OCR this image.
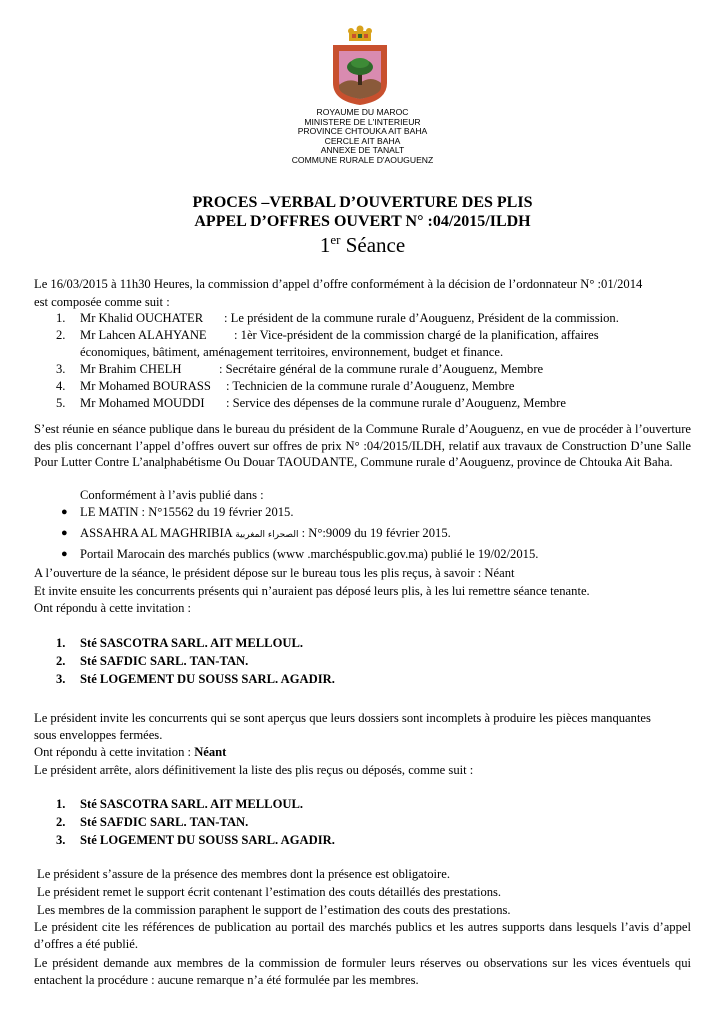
ROYAUME DU MAROC
MINISTERE DE L'INTERIEUR
PROVINCE CHTOUKA AIT BAHA
CERCLE AIT BAHA
ANNEXE DE TANALT
COMMUNE RURALE D'AOUGUENZ
PROCES –VERBAL D’OUVERTURE DES PLIS
APPEL D’OFFRES OUVERT N° :04/2015/ILDH
1er Séance
Le 16/03/2015 à 11h30 Heures, la commission d’appel d’offre conformément à la décision de l’ordonnateur N° :01/2014
est composée comme suit :
1. Mr Khalid OUCHATER : Le président de la commune rurale d’Aouguenz, Président de la commission.
2. Mr Lahcen ALAHYANE : 1èr Vice-président de la commission chargé de la planification, affaires
économiques, bâtiment, aménagement territoires, environnement, budget et finance.
3. Mr Brahim CHELH	: Secrétaire général de la commune rurale d’Aouguenz, Membre
4. Mr Mohamed BOURASS : Technicien de la commune rurale d’Aouguenz, Membre
5. Mr Mohamed MOUDDI : Service des dépenses de la commune rurale d’Aouguenz, Membre
S’est réunie en séance publique dans le bureau du président de la Commune Rurale d’Aouguenz, en vue de procéder à l’ouverture des plis concernant l’appel d’offres ouvert sur offres de prix N° :04/2015/ILDH, relatif aux travaux de Construction D’une Salle Pour Lutter Contre L’analphabétisme Ou Douar TAOUDANTE, Commune rurale d’Aouguenz, province de Chtouka Ait Baha.
Conformément à l’avis publié dans :
● LE MATIN : N°15562 du 19 février 2015.
● ASSAHRA AL MAGHRIBIA الصحراء المغربية : N°:9009 du 19 février 2015.
● Portail Marocain des marchés publics (www .marchéspublic.gov.ma) publié le 19/02/2015.
A l’ouverture de la séance, le président dépose sur le bureau tous les plis reçus, à savoir : Néant
Et invite ensuite les concurrents présents qui n’auraient pas déposé leurs plis, à les lui remettre séance tenante.
Ont répondu à cette invitation :
1. Sté SASCOTRA SARL. AIT MELLOUL.
2. Sté SAFDIC SARL. TAN-TAN.
3. Sté LOGEMENT DU SOUSS SARL. AGADIR.
Le président invite les concurrents qui se sont aperçus que leurs dossiers sont incomplets à produire les pièces manquantes
sous enveloppes fermées.
Ont répondu à cette invitation : Néant
Le président arrête, alors définitivement la liste des plis reçus ou déposés, comme suit :
1. Sté SASCOTRA SARL. AIT MELLOUL.
2. Sté SAFDIC SARL. TAN-TAN.
3. Sté LOGEMENT DU SOUSS SARL. AGADIR.
Le président s’assure de la présence des membres dont la présence est obligatoire.
Le président remet le support écrit contenant l’estimation des couts détaillés des prestations.
Les membres de la commission paraphent le support de l’estimation des couts des prestations.
Le président cite les références de publication au portail des marchés publics et les autres supports dans lesquels l’avis d’appel d’offres a été publié.
Le président demande aux membres de la commission de formuler leurs réserves ou observations sur les vices éventuels qui entachent la procédure : aucune remarque n’a été formulée par les membres.
